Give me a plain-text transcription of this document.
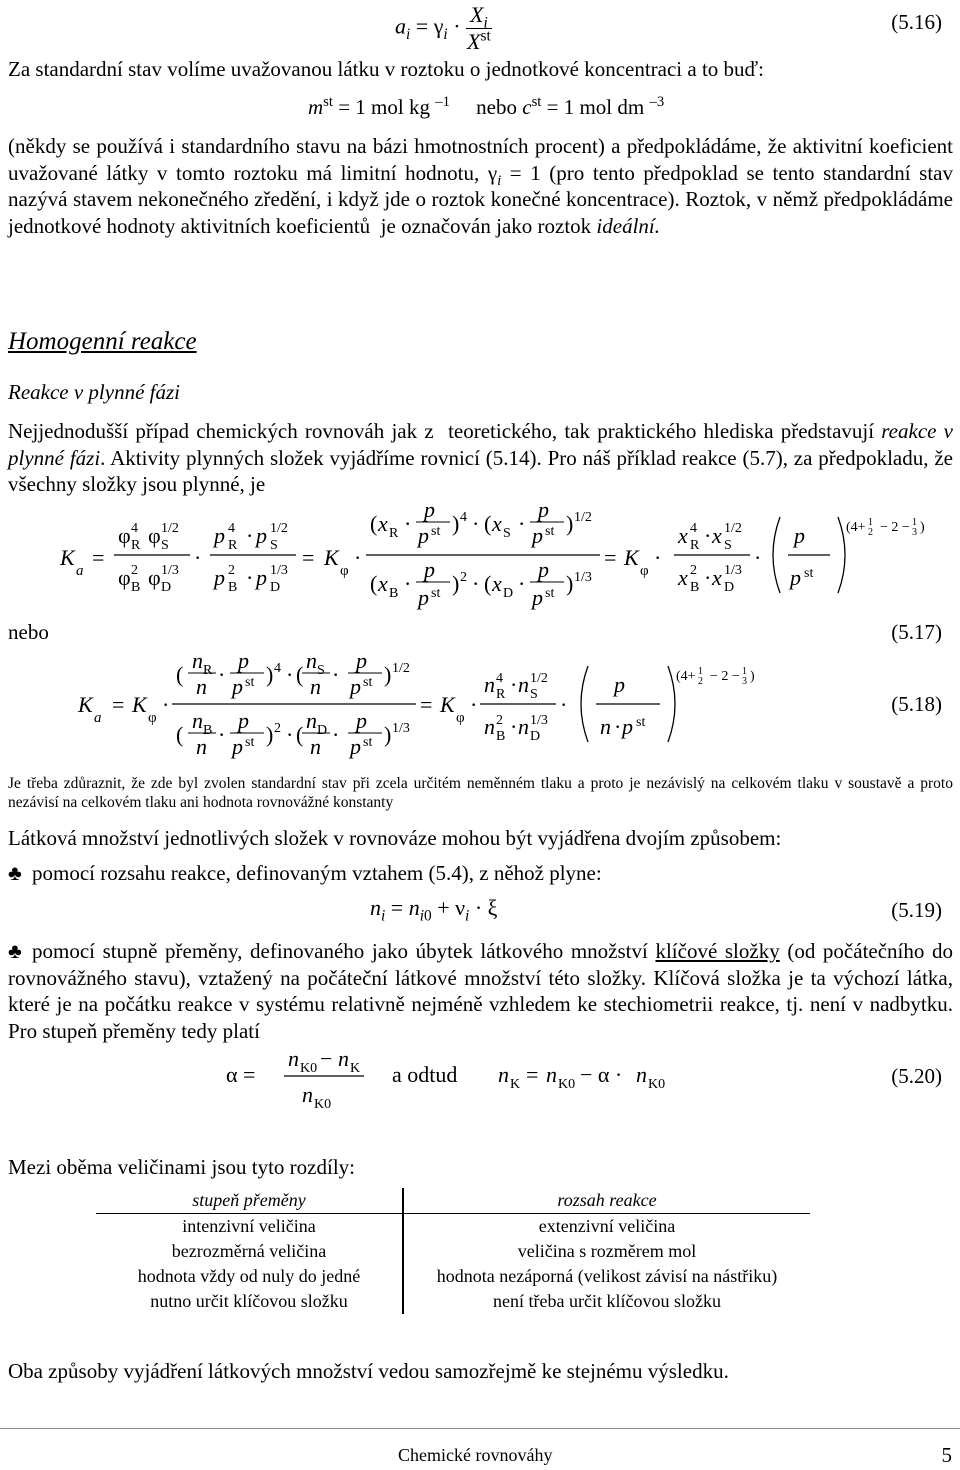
$a_i = \gamma_i \cdot \frac{X_i}{X^{st}}$	(5.16)
Za standardní stav volíme uvažovanou látku v roztoku o jednotkové koncentraci a to buď:
$m^{st} = 1$ mol kg $^{-1}$     nebo $c^{st} = 1$ mol dm $^{-3}$
(někdy se používá i standardního stavu na bázi hmotnostních procent) a předpokládáme, že aktivitní koeficient uvažované látky v tomto roztoku má limitní hodnotu, $\gamma_i = 1$ (pro tento předpoklad se tento standardní stav nazývá stavem nekonečného zředění, i když jde o roztok konečné koncentrace). Roztok, v němž předpokládáme jednotkové hodnoty aktivitních koeficientů  je označován jako roztok ideální.
Homogenní reakce
Reakce v plynné fázi
Nejjednodušší případ chemických rovnováh jak z  teoretického, tak praktického hlediska představují reakce v plynné fázi. Aktivity plynných složek vyjádříme rovnicí (5.14). Pro náš příklad reakce (5.7), za předpokladu, že všechny složky jsou plynné, je
K
a
=
φ 4
R φ 1/2
S
φ 2
B φ 1/3
D
·
p 4
R · p 1/2
S
p 2
B · p 1/3
D
= K
φ
·
( x R ·
p
p st ) 4 · ( x S ·
p
p st ) 1/2
( x B ·
p
p st ) 2 · ( x D ·
p
p st ) 1/3
= K
φ
·
x 4
R · x 1/2
S
x 2
B · x 1/3
D
·
p
p st
(4+ 1
2 − 2 − 1
3 )
nebo	(5.17)
K
a
= K
φ
·
(
n R
n ·
p
p st ) 4 · (
n S
n ·
p
p st ) 1/2
(
n B
n ·
p
p st ) 2 · (
n D
n ·
p
p st ) 1/3
= K
φ
·
n 4
R · n 1/2
S
n 2
B · n 1/3
D
·
p
n · p st
(4+ 1
2 − 2 − 1
3 )
(5.18)
Je třeba zdůraznit, že zde byl zvolen standardní stav při zcela určitém neměnném tlaku a proto je nezávislý na celkovém tlaku v soustavě a proto nezávisí na celkovém tlaku ani hodnota rovnovážné konstanty
Látková množství jednotlivých složek v rovnováze mohou být vyjádřena dvojím způsobem:
♣ pomocí rozsahu reakce, definovaným vztahem (5.4), z něhož plyne:
$n_i = n_{i0} + \nu_i \cdot \xi$	(5.19)
♣ pomocí stupně přeměny, definovaného jako úbytek látkového množství klíčové složky (od počátečního do rovnovážného stavu), vztažený na počáteční látkové množství této složky. Klíčová složka je ta výchozí látka, které je na počátku reakce v systému relativně nejméně vzhledem ke stechiometrii reakce, tj. není v nadbytku. Pro stupeň přeměny tedy platí
α =
n K0 − n K
n K0
a odtud n K = n K0 − α · n K0	(5.20)
Mezi oběma veličinami jsou tyto rozdíly:
stupeň přeměny	rozsah reakce
intenzivní veličina	extenzivní veličina
bezrozměrná veličina	veličina s rozměrem mol
hodnota vždy od nuly do jedné	hodnota nezáporná (velikost závisí na nástřiku)
nutno určit klíčovou složku	není třeba určit klíčovou složku
Oba způsoby vyjádření látkových množství vedou samozřejmě ke stejnému výsledku.
Chemické rovnováhy	5
